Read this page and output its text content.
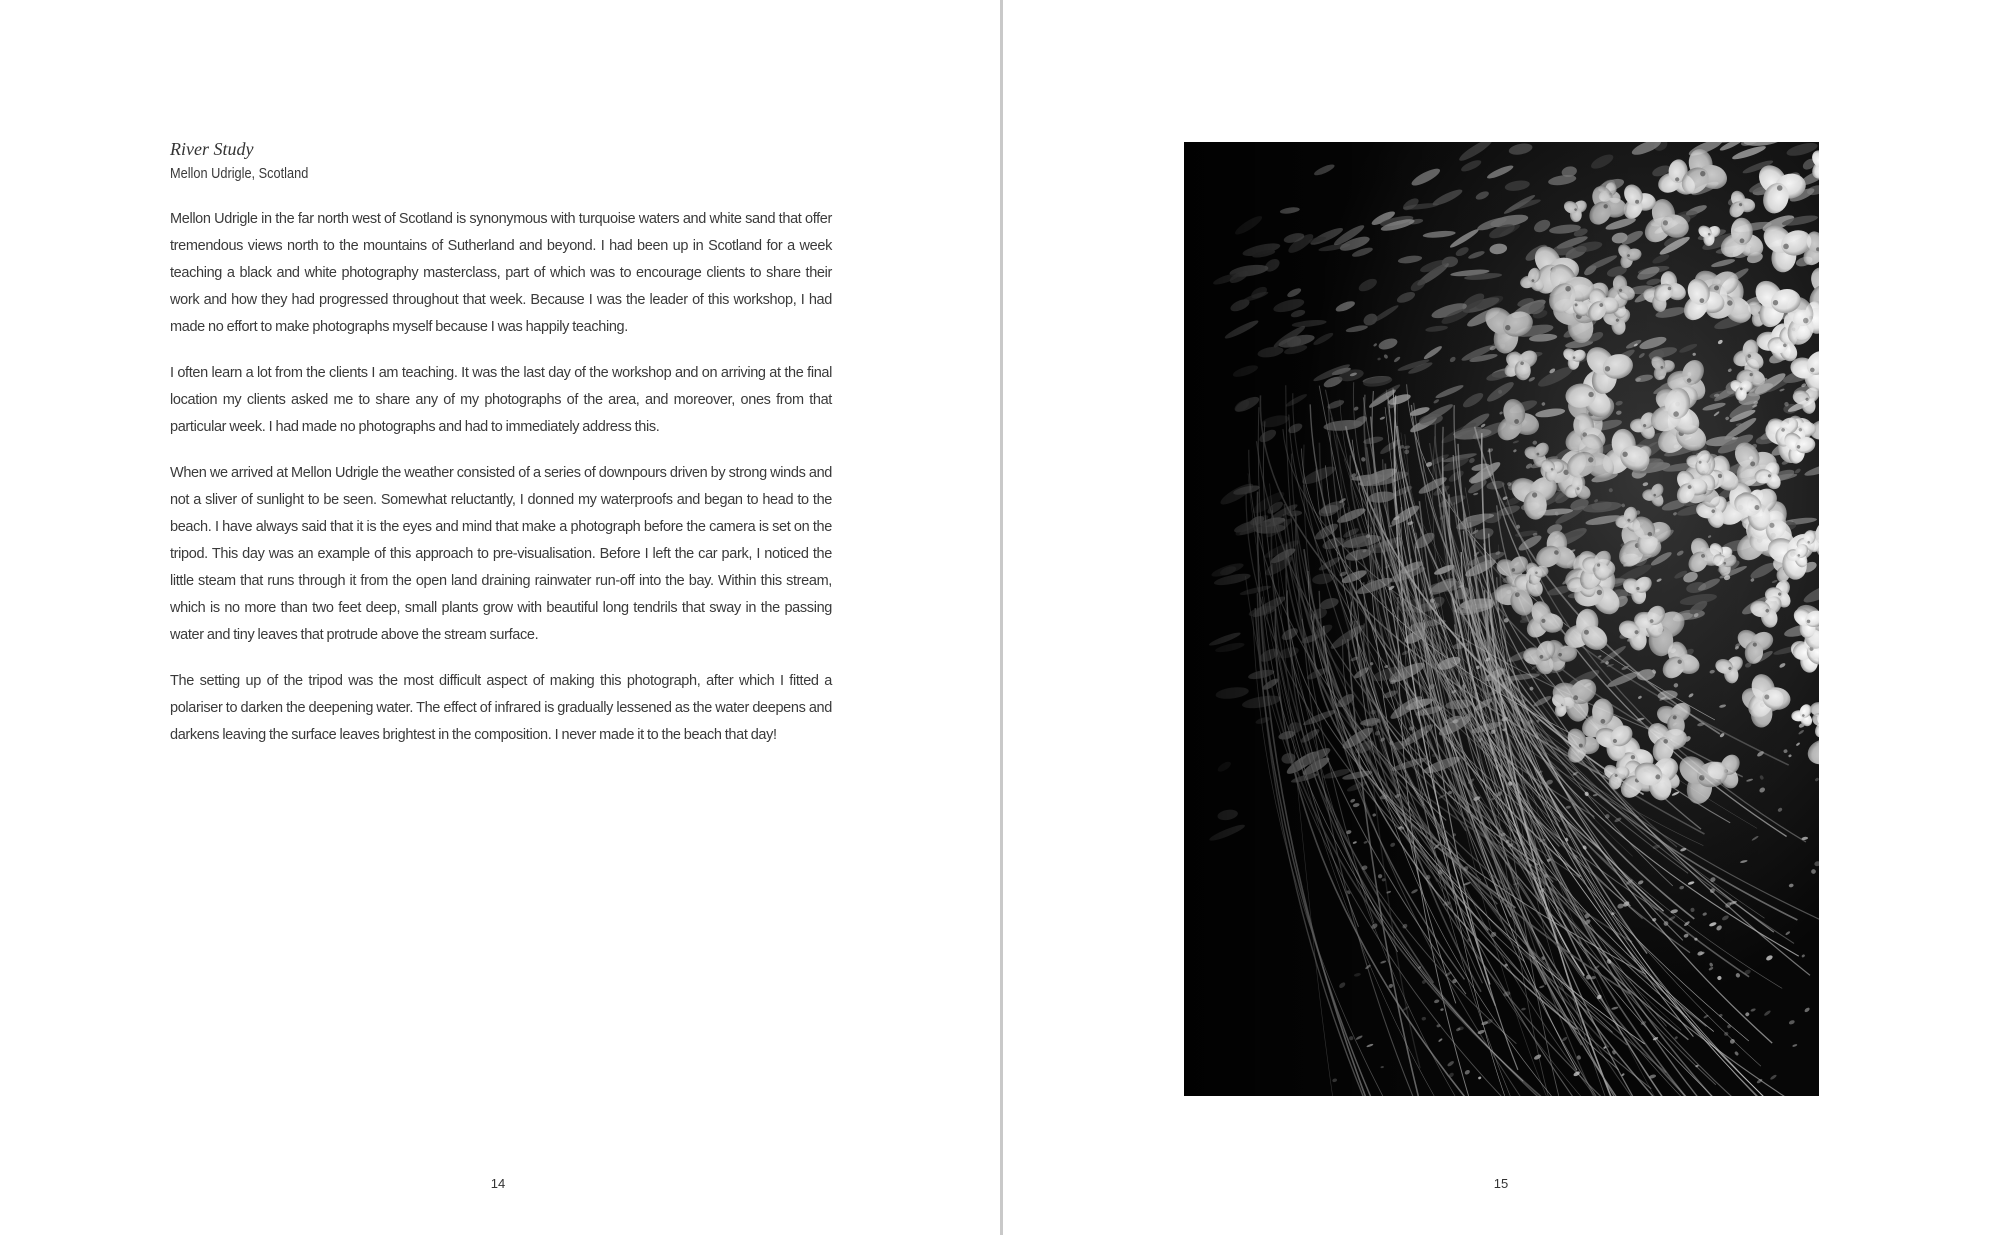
River Study

Mellon Udrigle, Scotland

Mellon Udrigle in the far north west of Scotland is synonymous with turquoise waters and white sand that offer tremendous views north to the mountains of Sutherland and beyond. I had been up in Scotland for a week teaching a black and white photography masterclass, part of which was to encourage clients to share their work and how they had progressed throughout that week. Because I was the leader of this workshop, I had made no effort to make photographs myself because I was happily teaching.

I often learn a lot from the clients I am teaching. It was the last day of the workshop and on arriving at the final location my clients asked me to share any of my photographs of the area, and moreover, ones from that particular week. I had made no photographs and had to immediately address this.

When we arrived at Mellon Udrigle the weather consisted of a series of downpours driven by strong winds and not a sliver of sunlight to be seen. Somewhat reluctantly, I donned my waterproofs and began to head to the beach. I have always said that it is the eyes and mind that make a photograph before the camera is set on the tripod. This day was an example of this approach to pre-visualisation. Before I left the car park, I noticed the little steam that runs through it from the open land draining rainwater run-off into the bay. Within this stream, which is no more than two feet deep, small plants grow with beautiful long tendrils that sway in the passing water and tiny leaves that protrude above the stream surface.

The setting up of the tripod was the most difficult aspect of making this photograph, after which I fitted a polariser to darken the deepening water. The effect of infrared is gradually lessened as the water deepens and darkens leaving the surface leaves brightest in the composition. I never made it to the beach that day!

14	15
